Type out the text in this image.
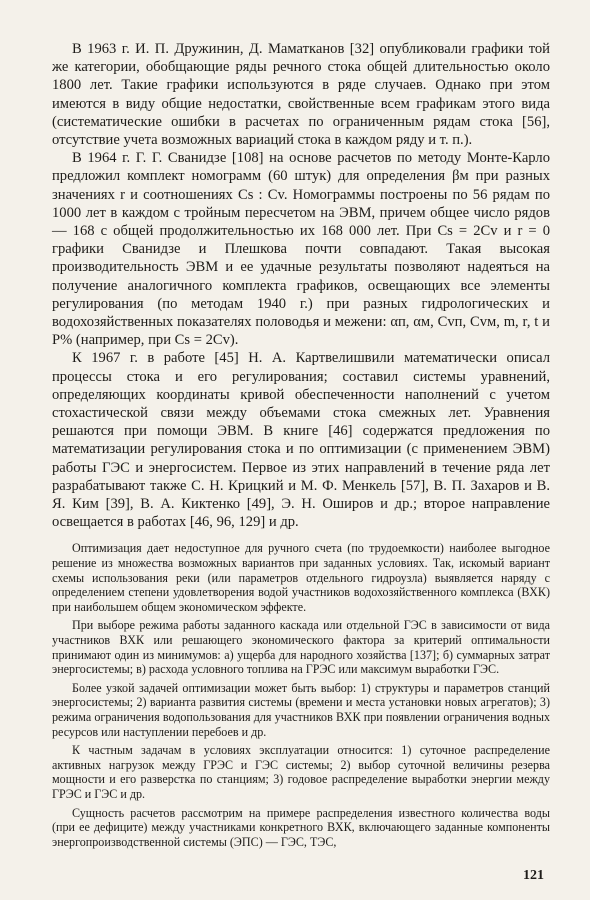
В 1963 г. И. П. Дружинин, Д. Маматканов [32] опубликовали графики той же категории, обобщающие ряды речного стока общей длительностью около 1800 лет. Такие графики используются в ряде случаев. Однако при этом имеются в виду общие недостатки, свойственные всем графикам этого вида (систематические ошибки в расчетах по ограниченным рядам стока [56], отсутствие учета возможных вариаций стока в каждом ряду и т. п.).

В 1964 г. Г. Г. Сванидзе [108] на основе расчетов по методу Монте-Карло предложил комплект номограмм (60 штук) для определения βм при разных значениях r и соотношениях Cs : Cv. Номограммы построены по 56 рядам по 1000 лет в каждом с тройным пересчетом на ЭВМ, причем общее число рядов — 168 с общей продолжительностью их 168 000 лет. При Cs = 2Cv и r = 0 графики Сванидзе и Плешкова почти совпадают. Такая высокая производительность ЭВМ и ее удачные результаты позволяют надеяться на получение аналогичного комплекта графиков, освещающих все элементы регулирования (по методам 1940 г.) при разных гидрологических и водохозяйственных показателях половодья и межени: αп, αм, Cvп, Cvм, m, r, t и P% (например, при Cs = 2Cv).

К 1967 г. в работе [45] Н. А. Картвелишвили математически описал процессы стока и его регулирования; составил системы уравнений, определяющих координаты кривой обеспеченности наполнений с учетом стохастической связи между объемами стока смежных лет. Уравнения решаются при помощи ЭВМ. В книге [46] содержатся предложения по математизации регулирования стока и по оптимизации (с применением ЭВМ) работы ГЭС и энергосистем. Первое из этих направлений в течение ряда лет разрабатывают также С. Н. Крицкий и М. Ф. Менкель [57], В. П. Захаров и В. Я. Ким [39], В. А. Киктенко [49], Э. Н. Оширов и др.; второе направление освещается в работах [46, 96, 129] и др.

Оптимизация дает недоступное для ручного счета (по трудоемкости) наиболее выгодное решение из множества возможных вариантов при заданных условиях. Так, искомый вариант схемы использования реки (или параметров отдельного гидроузла) выявляется наряду с определением степени удовлетворения водой участников водохозяйственного комплекса (ВХК) при наибольшем общем экономическом эффекте.

При выборе режима работы заданного каскада или отдельной ГЭС в зависимости от вида участников ВХК или решающего экономического фактора за критерий оптимальности принимают один из минимумов: а) ущерба для народного хозяйства [137]; б) суммарных затрат энергосистемы; в) расхода условного топлива на ГРЭС или максимум выработки ГЭС.

Более узкой задачей оптимизации может быть выбор: 1) структуры и параметров станций энергосистемы; 2) варианта развития системы (времени и места установки новых агрегатов); 3) режима ограничения водопользования для участников ВХК при появлении ограничения водных ресурсов или наступлении перебоев и др.

К частным задачам в условиях эксплуатации относится: 1) суточное распределение активных нагрузок между ГРЭС и ГЭС системы; 2) выбор суточной величины резерва мощности и его разверстка по станциям; 3) годовое распределение выработки энергии между ГРЭС и ГЭС и др.

Сущность расчетов рассмотрим на примере распределения известного количества воды (при ее дефиците) между участниками конкретного ВХК, включающего заданные компоненты энергопроизводственной системы (ЭПС) — ГЭС, ТЭС,

121
